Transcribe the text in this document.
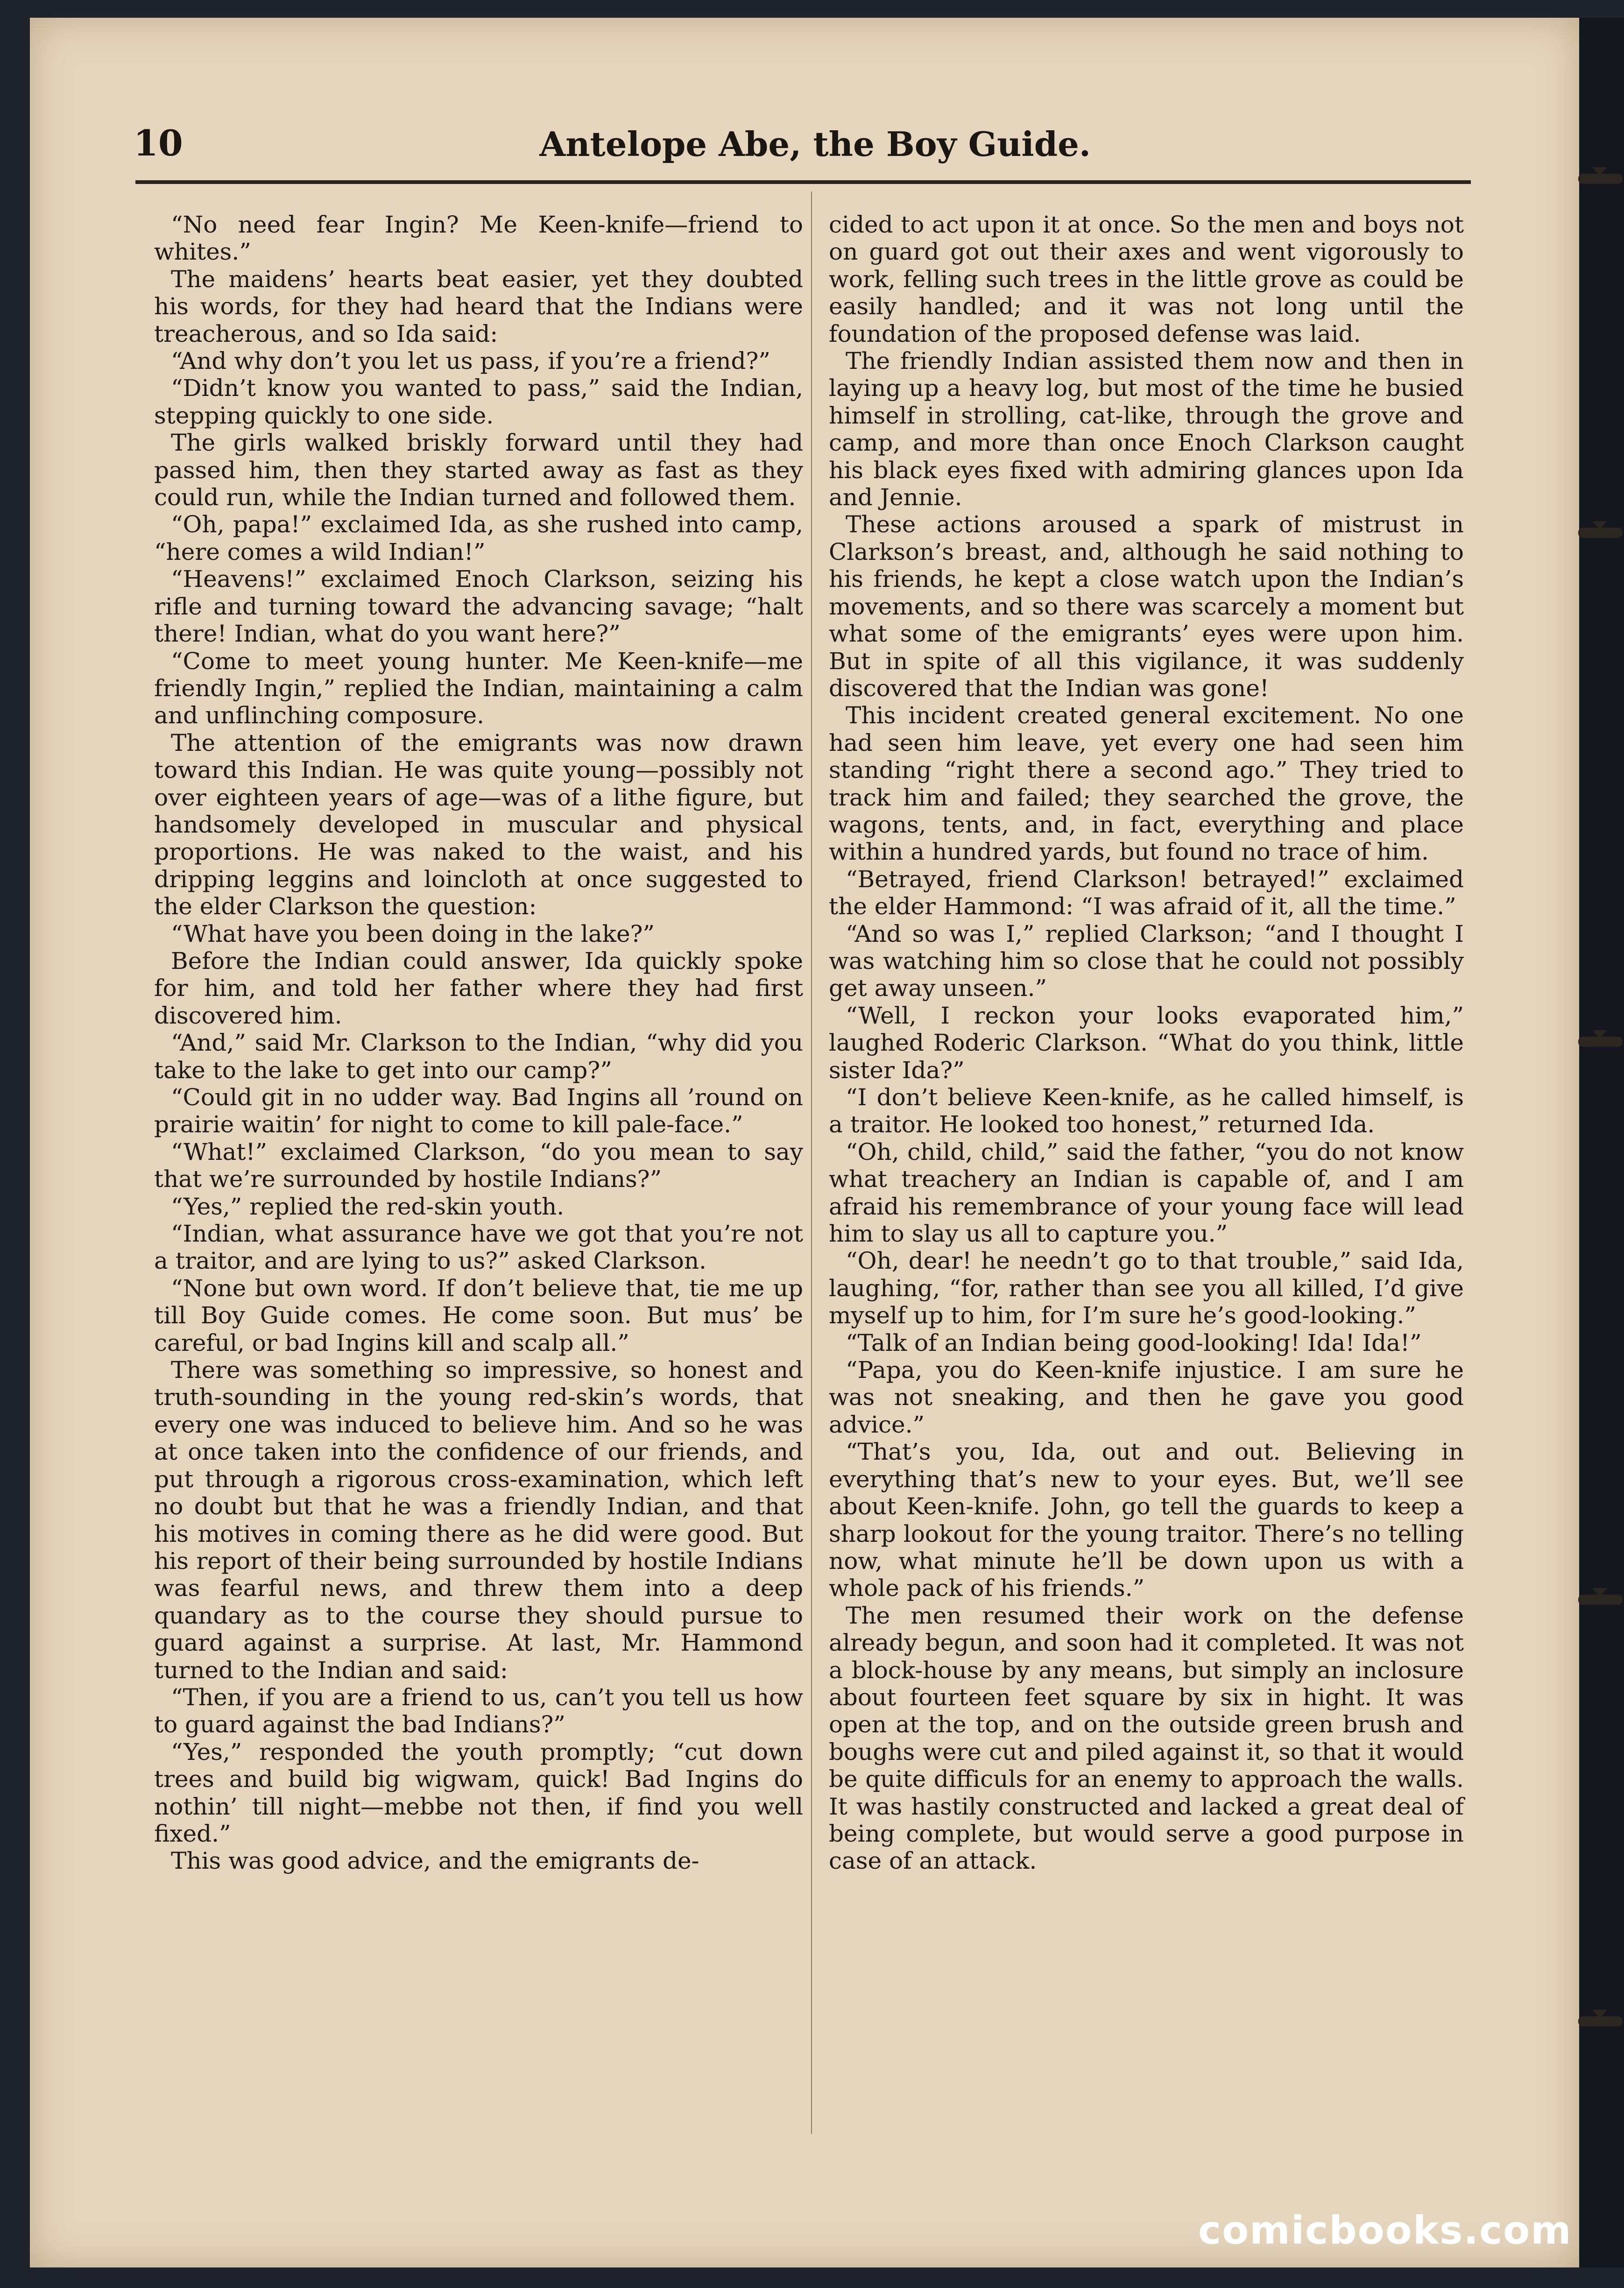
10	Antelope Abe, the Boy Guide.

“No need fear Ingin? Me Keen-knife—friend to whites.”

The maidens’ hearts beat easier, yet they doubted his words, for they had heard that the Indians were treacherous, and so Ida said:

“And why don’t you let us pass, if you’re a friend?”

“Didn’t know you wanted to pass,” said the Indian, stepping quickly to one side.

The girls walked briskly forward until they had passed him, then they started away as fast as they could run, while the Indian turned and followed them.

“Oh, papa!” exclaimed Ida, as she rushed into camp, “here comes a wild Indian!”

“Heavens!” exclaimed Enoch Clarkson, seizing his rifle and turning toward the advancing savage; “halt there! Indian, what do you want here?”

“Come to meet young hunter. Me Keen-knife—me friendly Ingin,” replied the Indian, maintaining a calm and unflinching composure.

The attention of the emigrants was now drawn toward this Indian. He was quite young—possibly not over eighteen years of age—was of a lithe figure, but handsomely developed in muscular and physical proportions. He was naked to the waist, and his dripping leggins and loincloth at once suggested to the elder Clarkson the question:

“What have you been doing in the lake?”

Before the Indian could answer, Ida quickly spoke for him, and told her father where they had first discovered him.

“And,” said Mr. Clarkson to the Indian, “why did you take to the lake to get into our camp?”

“Could git in no udder way. Bad Ingins all ’round on prairie waitin’ for night to come to kill pale-face.”

“What!” exclaimed Clarkson, “do you mean to say that we’re surrounded by hostile Indians?”

“Yes,” replied the red-skin youth.

“Indian, what assurance have we got that you’re not a traitor, and are lying to us?” asked Clarkson.

“None but own word. If don’t believe that, tie me up till Boy Guide comes. He come soon. But mus’ be careful, or bad Ingins kill and scalp all.”

There was something so impressive, so honest and truth-sounding in the young red-skin’s words, that every one was induced to believe him. And so he was at once taken into the confidence of our friends, and put through a rigorous cross-examination, which left no doubt but that he was a friendly Indian, and that his motives in coming there as he did were good. But his report of their being surrounded by hostile Indians was fearful news, and threw them into a deep quandary as to the course they should pursue to guard against a surprise. At last, Mr. Hammond turned to the Indian and said:

“Then, if you are a friend to us, can’t you tell us how to guard against the bad Indians?”

“Yes,” responded the youth promptly; “cut down trees and build big wigwam, quick! Bad Ingins do nothin’ till night—mebbe not then, if find you well fixed.”

This was good advice, and the emigrants de-

cided to act upon it at once. So the men and boys not on guard got out their axes and went vigorously to work, felling such trees in the little grove as could be easily handled; and it was not long until the foundation of the proposed defense was laid.

The friendly Indian assisted them now and then in laying up a heavy log, but most of the time he busied himself in strolling, cat-like, through the grove and camp, and more than once Enoch Clarkson caught his black eyes fixed with admiring glances upon Ida and Jennie.

These actions aroused a spark of mistrust in Clarkson’s breast, and, although he said nothing to his friends, he kept a close watch upon the Indian’s movements, and so there was scarcely a moment but what some of the emigrants’ eyes were upon him. But in spite of all this vigilance, it was suddenly discovered that the Indian was gone!

This incident created general excitement. No one had seen him leave, yet every one had seen him standing “right there a second ago.” They tried to track him and failed; they searched the grove, the wagons, tents, and, in fact, everything and place within a hundred yards, but found no trace of him.

“Betrayed, friend Clarkson! betrayed!” exclaimed the elder Hammond: “I was afraid of it, all the time.”

“And so was I,” replied Clarkson; “and I thought I was watching him so close that he could not possibly get away unseen.”

“Well, I reckon your looks evaporated him,” laughed Roderic Clarkson. “What do you think, little sister Ida?”

“I don’t believe Keen-knife, as he called himself, is a traitor. He looked too honest,” returned Ida.

“Oh, child, child,” said the father, “you do not know what treachery an Indian is capable of, and I am afraid his remembrance of your young face will lead him to slay us all to capture you.”

“Oh, dear! he needn’t go to that trouble,” said Ida, laughing, “for, rather than see you all killed, I’d give myself up to him, for I’m sure he’s good-looking.”

“Talk of an Indian being good-looking! Ida! Ida!”

“Papa, you do Keen-knife injustice. I am sure he was not sneaking, and then he gave you good advice.”

“That’s you, Ida, out and out. Believing in everything that’s new to your eyes. But, we’ll see about Keen-knife. John, go tell the guards to keep a sharp lookout for the young traitor. There’s no telling now, what minute he’ll be down upon us with a whole pack of his friends.”

The men resumed their work on the defense already begun, and soon had it completed. It was not a block-house by any means, but simply an inclosure about fourteen feet square by six in hight. It was open at the top, and on the outside green brush and boughs were cut and piled against it, so that it would be quite difficuls for an enemy to approach the walls. It was hastily constructed and lacked a great deal of being complete, but would serve a good purpose in case of an attack.

comicbooks.com
